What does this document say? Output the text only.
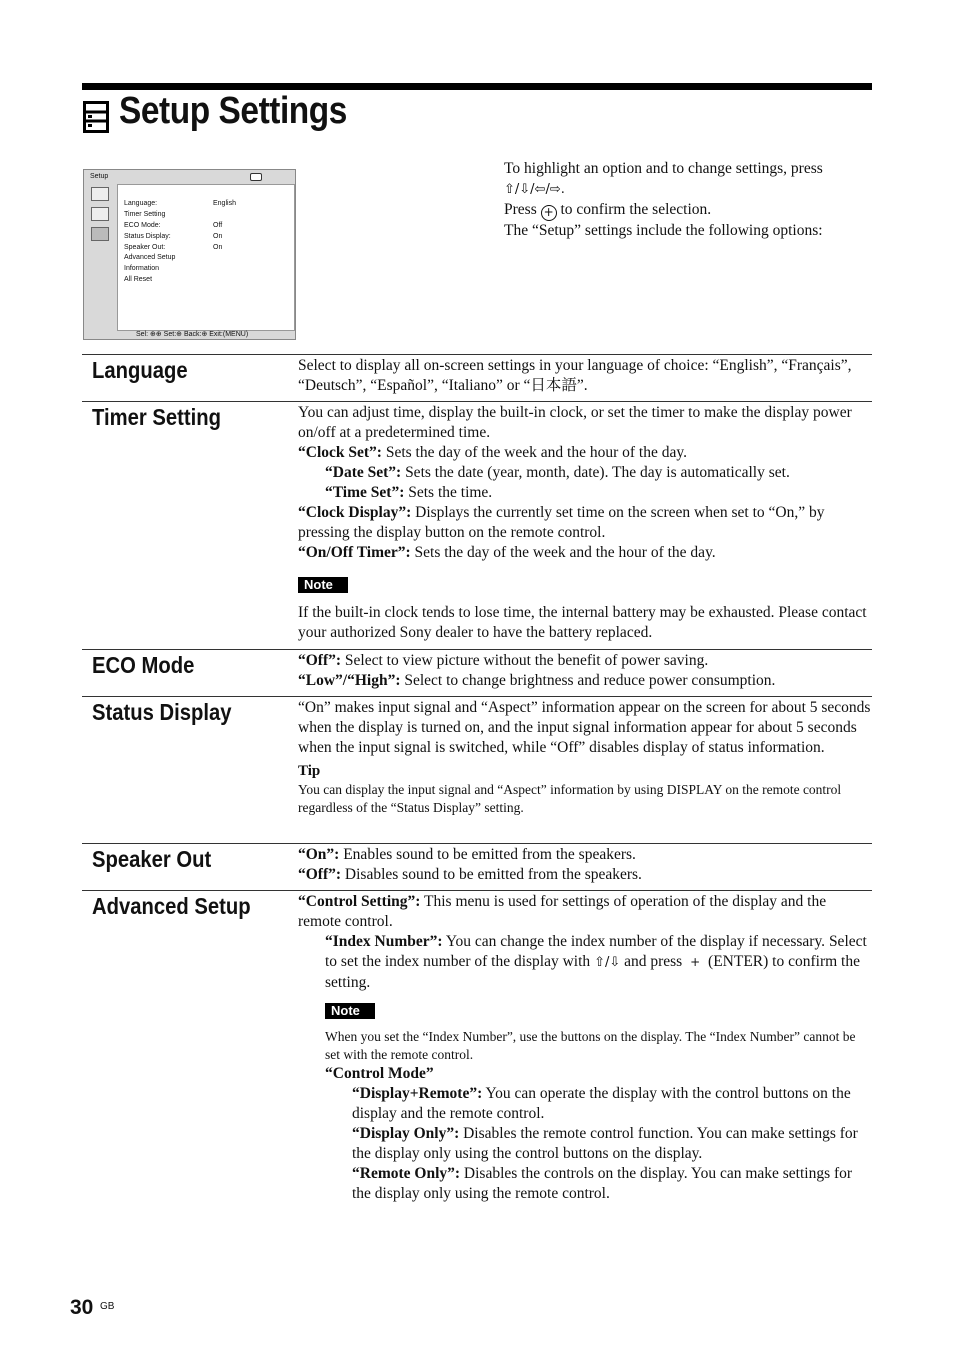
Setup Settings
Setup
Language:	English
Timer Setting
ECO Mode:	Off
Status Display:	On
Speaker Out:	On
Advanced Setup
Information
All Reset
Sel: ⊕⊕ Set:⊕ Back:⊕ Exit:(MENU)

To highlight an option and to change settings, press

⇧/⇩/⇦/⇨.

Press + to confirm the selection.

The “Setup” settings include the following options:

Language	Select to display all on-screen settings in your language of choice: “English”, “Français”, “Deutsch”, “Español”, “Italiano” or “日本語”.

Timer Setting	You can adjust time, display the built-in clock, or set the timer to make the display power on/off at a predetermined time.

“Clock Set”: Sets the day of the week and the hour of the day.

“Date Set”: Sets the date (year, month, date). The day is automatically set.

“Time Set”: Sets the time.

“Clock Display”: Displays the currently set time on the screen when set to “On,” by pressing the display button on the remote control.

“On/Off Timer”: Sets the day of the week and the hour of the day.

Note

If the built-in clock tends to lose time, the internal battery may be exhausted. Please contact your authorized Sony dealer to have the battery replaced.

ECO Mode	“Off”: Select to view picture without the benefit of power saving.

“Low”/“High”: Select to change brightness and reduce power consumption.

Status Display	“On” makes input signal and “Aspect” information appear on the screen for about 5 seconds when the display is turned on, and the input signal information appear for about 5 seconds when the input signal is switched, while “Off” disables display of status information.

Tip

You can display the input signal and “Aspect” information by using DISPLAY on the remote control regardless of the “Status Display” setting.

Speaker Out	“On”: Enables sound to be emitted from the speakers.

“Off”: Disables sound to be emitted from the speakers.

Advanced Setup	“Control Setting”: This menu is used for settings of operation of the display and the remote control.

“Index Number”: You can change the index number of the display if necessary. Select to set the index number of the display with ⇧/⇩ and press + (ENTER) to confirm the setting.

Note

When you set the “Index Number”, use the buttons on the display. The “Index Number” cannot be set with the remote control.

“Control Mode”

“Display+Remote”: You can operate the display with the control buttons on the display and the remote control.

“Display Only”: Disables the remote control function. You can make settings for the display only using the control buttons on the display.

“Remote Only”: Disables the controls on the display. You can make settings for the display only using the remote control.

30 GB
